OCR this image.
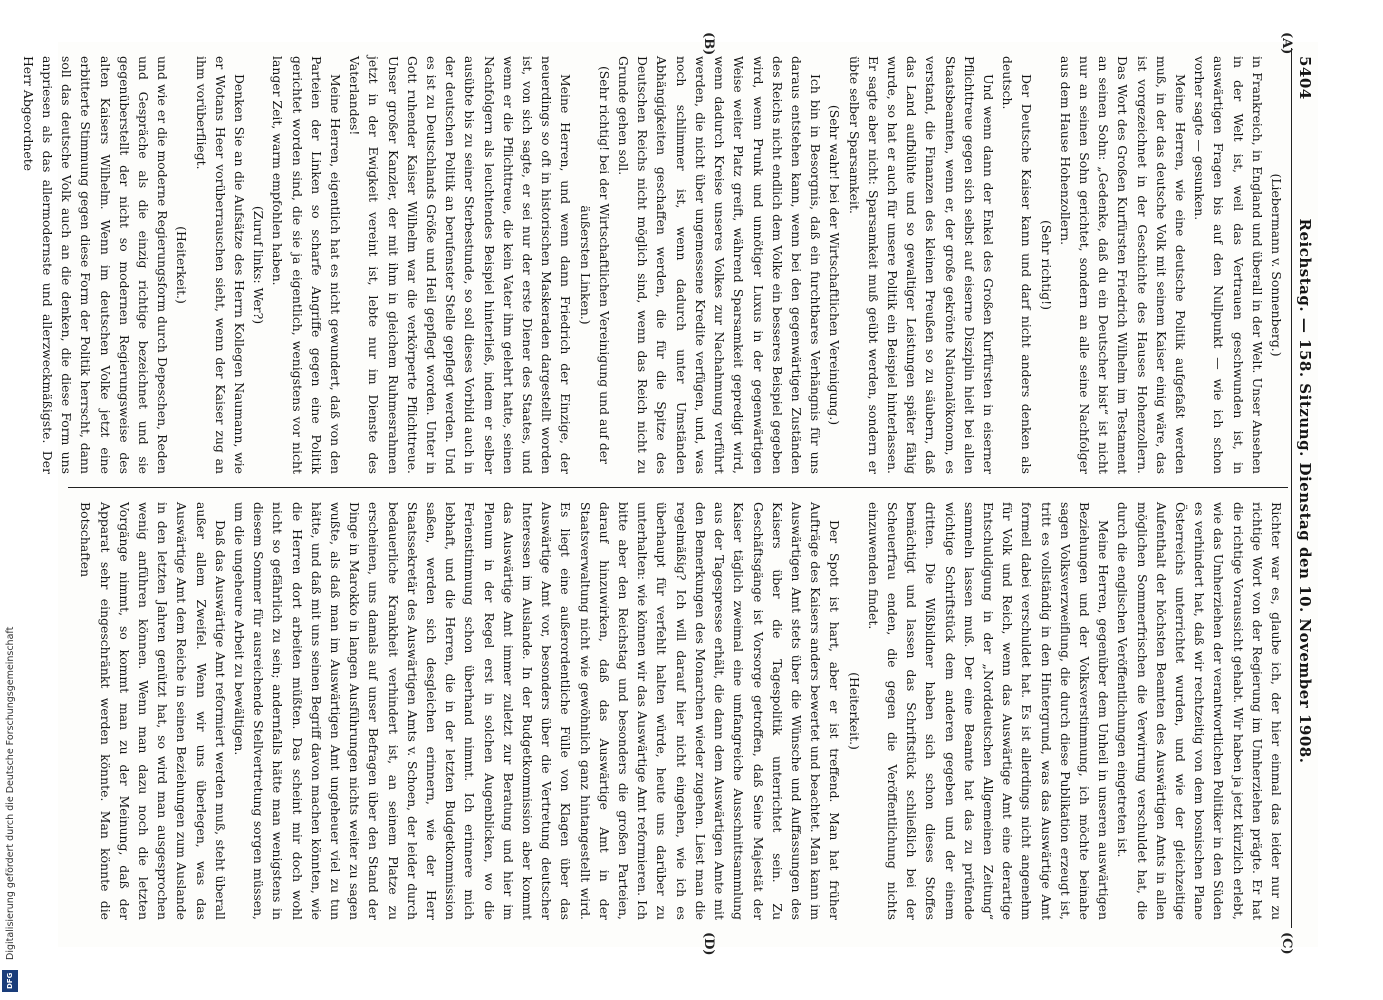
5404
Reichstag. — 158. Sitzung. Dienstag den 10. November 1908.
(A)
(B)
(C)
(D)

(Liebermann v. Sonnenberg.)

in Frankreich, in England und überall in der Welt. Unser Ansehen in der Welt ist, weil das Vertrauen geschwunden ist, in auswärtigen Fragen bis auf den Nullpunkt — wie ich schon vorher sagte — gesunken.

Meine Herren, wie eine deutsche Politik aufgefaßt werden muß, in der das deutsche Volk mit seinem Kaiser einig wäre, das ist vorgezeichnet in der Geschichte des Hauses Hohenzollern. Das Wort des Großen Kurfürsten Friedrich Wilhelm im Testament an seinen Sohn: „Gedenke, daß du ein Deutscher bist“ ist nicht nur an seinen Sohn gerichtet, sondern an alle seine Nachfolger aus dem Hause Hohenzollern.

(Sehr richtig!)

Der Deutsche Kaiser kann und darf nicht anders denken als deutsch.

Und wenn dann der Enkel des Großen Kurfürsten in eiserner Pflichttreue gegen sich selbst auf eiserne Disziplin hielt bei allen Staatsbeamten, wenn er, der große gekrönte Nationalökonom, es verstand, die Finanzen des kleinen Preußen so zu säubern, daß das Land aufblühte und so gewaltiger Leistungen später fähig wurde, so hat er auch für unsere Politik ein Beispiel hinterlassen. Er sagte aber nicht: Sparsamkeit muß geübt werden, sondern er übte selber Sparsamkeit.

(Sehr wahr! bei der Wirtschaftlichen Vereinigung.)

Ich bin in Besorgnis, daß ein furchtbares Verhängnis für uns daraus entstehen kann, wenn bei den gegenwärtigen Zuständen des Reichs nicht endlich dem Volke ein besseres Beispiel gegeben wird, wenn Prunk und unnötiger Luxus in der gegenwärtigen Weise weiter Platz greift, während Sparsamkeit gepredigt wird, wenn dadurch Kreise unseres Volkes zur Nachahmung verführt werden, die nicht über ungemessene Kredite verfügen, und, was noch schlimmer ist, wenn dadurch unter Umständen Abhängigkeiten geschaffen werden, die für die Spitze des Deutschen Reichs nicht möglich sind, wenn das Reich nicht zu Grunde gehen soll.

(Sehr richtig! bei der Wirtschaftlichen Vereinigung und auf der äußersten Linken.)

Meine Herren, und wenn dann Friedrich der Einzige, der neuerdings so oft in historischen Maskeraden dargestellt worden ist, von sich sagte, er sei nur der erste Diener des Staates, und wenn er die Pflichttreue, die kein Vater ihm gelehrt hatte, seinen Nachfolgern als leuchtendes Beispiel hinterließ, indem er selber ausübte bis zu seiner Sterbestunde, so soll dieses Vorbild auch in der deutschen Politik an berufenster Stelle gepflegt werden. Und es ist zu Deutschlands Größe und Heil gepflegt worden. Unter in Gott ruhender Kaiser Wilhelm war die verkörperte Pflichttreue. Unser großer Kanzler, der mit ihm in gleichem Ruhmesrahmen jetzt in der Ewigkeit vereint ist, lebte nur im Dienste des Vaterlandes!

Meine Herren, eigentlich hat es nicht gewundert, daß von den Parteien der Linken so scharfe Angriffe gegen eine Politik gerichtet worden sind, die sie ja eigentlich, wenigstens vor nicht langer Zeit, warm empfohlen haben.

(Zuruf links: Wer?)

Denken Sie an die Aufsätze des Herrn Kollegen Naumann, wie er Wotans Heer vorüberrauschen sieht, wenn der Kaiser zug an ihm vorüberfliegt.

(Heiterkeit.)

und wie er die moderne Regierungsform durch Depeschen, Reden und Gespräche als die einzig richtige bezeichnet und sie gegenüberstellt der nicht so modernen Regierungsweise des alten Kaisers Wilhelm. Wenn im deutschen Volke jetzt eine erbitterte Stimmung gegen diese Form der Politik herrscht, dann soll das deutsche Volk auch an die denken, die diese Form uns anpriesen als das allermodernste und allerzweckmäßigste. Der Herr Abgeordnete

Richter war es, glaube ich, der hier einmal das leider nur zu richtige Wort von der Regierung im Umherziehen prägte. Er hat die richtige Voraussicht gehabt. Wir haben ja jetzt kürzlich erlebt, wie das Umherziehen der verantwortlichen Politiker in den Süden es verhindert hat, daß wir rechtzeitig von dem bosnischen Plane Österreichs unterrichtet wurden, und wie der gleichzeitige Aufenthalt der höchsten Beamten des Auswärtigen Amts in allen möglichen Sommerfrischen die Verwirrung verschuldet hat, die durch die englischen Veröffentlichungen eingetreten ist.

Meine Herren, gegenüber dem Unheil in unseren auswärtigen Beziehungen und der Volksverstimmung, ich möchte beinahe sagen Volksverzweiflung, die durch diese Publikation erzeugt ist, tritt es vollständig in den Hintergrund, was das Auswärtige Amt formell dabei verschuldet hat. Es ist allerdings nicht angenehm für Volk und Reich, wenn das Auswärtige Amt eine derartige Entschuldigung in der „Norddeutschen Allgemeinen Zeitung“ sammeln lassen muß. Der eine Beamte hat das zu prüfende wichtige Schriftstück dem anderen gegeben und der einem dritten. Die Wißbildner haben sich schon dieses Stoffes bemächtigt und lassen das Schriftstück schließlich bei der Scheuerfrau enden, die gegen die Veröffentlichung nichts einzuwenden findet.

(Heiterkeit.)

Der Spott ist hart, aber er ist treffend. Man hat früher Aufträge des Kaisers anders bewertet und beachtet. Man kann im Auswärtigen Amt stets über die Wünsche und Auffassungen des Kaisers über die Tagespolitik unterrichtet sein. Zu Geschäftsgänge ist Vorsorge getroffen, daß Seine Majestät der Kaiser täglich zweimal eine umfangreiche Ausschnittsammlung aus der Tagespresse erhält, die dann dem Auswärtigen Amte mit den Bemerkungen des Monarchen wieder zugehen. Liest man die regelmäßig? Ich will darauf hier nicht eingehen, wie ich es überhaupt für verfehlt halten würde, heute uns darüber zu unterhalten: wie können wir das Auswärtige Amt reformieren. Ich bitte aber den Reichstag und besonders die großen Parteien, darauf hinzuwirken, daß das Auswärtige Amt in der Staatsverwaltung nicht wie gewöhnlich ganz hintangestellt wird. Es liegt eine außerordentliche Fülle von Klagen über das Auswärtige Amt vor, besonders über die Vertretung deutscher Interessen im Auslande. In der Budgetkommission aber kommt das Auswärtige Amt immer zuletzt zur Beratung und hier im Plenum in der Regel erst in solchen Augenblicken, wo die Ferienstimmung schon überhand nimmt. Ich erinnere mich lebhaft, und die Herren, die in der letzten Budgetkommission saßen, werden sich desgleichen erinnern, wie der Herr Staatssekretär des Auswärtigen Amts v. Schoen, der leider durch bedauerliche Krankheit verhindert ist, an seinem Platze zu erscheinen, uns damals auf unser Befragen über den Stand der Dinge in Marokko in langen Ausführungen nichts weiter zu sagen wußte, als daß man im Auswärtigen Amt ungeheuer viel zu tun hätte, und daß mit uns seinen Begriff davon machen könnten, wie die Herren dort arbeiten müßten. Das scheint mir doch wohl nicht so gefährlich zu sein; andernfalls hätte man wenigstens in diesem Sommer für ausreichende Stellvertretung sorgen müssen, um die ungeheure Arbeit zu bewältigen.

Daß das Auswärtige Amt reformiert werden muß, steht überall außer allem Zweifel. Wenn wir uns überlegen, was das Auswärtige Amt dem Reiche in seinen Beziehungen zum Auslande in den letzten Jahren genützt hat, so wird man ausgesprochen wenig anführen können. Wenn man dazu noch die letzten Vorgänge nimmt, so kommt man zu der Meinung, daß der Apparat sehr eingeschränkt werden könnte. Man könnte die Botschaften

Digitalisierung gefördert durch die Deutsche Forschungsgemeinschaft
DFG
